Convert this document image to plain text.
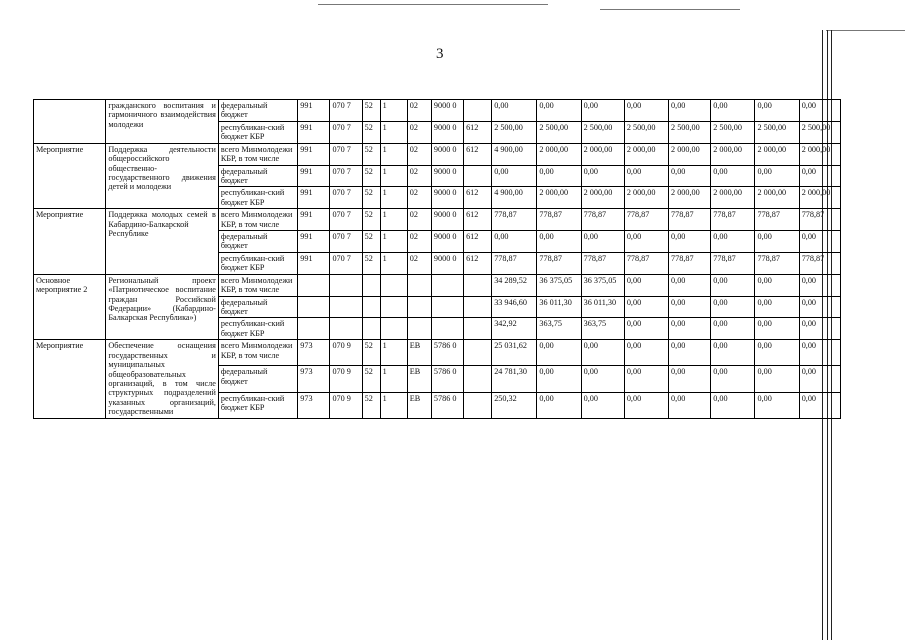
3
	гражданского воспитания и гармоничного взаимодействия молодежи	федеральный бюджет	991	070 7	52	1	02	9000 0		0,00	0,00	0,00	0,00	0,00	0,00	0,00	0,00
		республикан-ский бюджет КБР	991	070 7	52	1	02	9000 0	612	2 500,00	2 500,00	2 500,00	2 500,00	2 500,00	2 500,00	2 500,00	2 500,00
Мероприятие	Поддержка деятельности общероссийского общественно-государственного движения детей и молодежи	всего Минмолодежи КБР, в том числе	991	070 7	52	1	02	9000 0	612	4 900,00	2 000,00	2 000,00	2 000,00	2 000,00	2 000,00	2 000,00	2 000,00
		федеральный бюджет	991	070 7	52	1	02	9000 0		0,00	0,00	0,00	0,00	0,00	0,00	0,00	0,00
		республикан-ский бюджет КБР	991	070 7	52	1	02	9000 0	612	4 900,00	2 000,00	2 000,00	2 000,00	2 000,00	2 000,00	2 000,00	2 000,00
Мероприятие	Поддержка молодых семей в Кабардино-Балкарской Республике	всего Минмолодежи КБР, в том числе	991	070 7	52	1	02	9000 0	612	778,87	778,87	778,87	778,87	778,87	778,87	778,87	778,87
		федеральный бюджет	991	070 7	52	1	02	9000 0	612	0,00	0,00	0,00	0,00	0,00	0,00	0,00	0,00
		республикан-ский бюджет КБР	991	070 7	52	1	02	9000 0	612	778,87	778,87	778,87	778,87	778,87	778,87	778,87	778,87
Основное мероприятие 2	Региональный проект «Патриотическое воспитание граждан Российской Федерации» (Кабардино-Балкарская Республика»)	всего Минмолодежи КБР, в том числе								34 289,52	36 375,05	36 375,05	0,00	0,00	0,00	0,00	0,00
		федеральный бюджет								33 946,60	36 011,30	36 011,30	0,00	0,00	0,00	0,00	0,00
		республикан-ский бюджет КБР								342,92	363,75	363,75	0,00	0,00	0,00	0,00	0,00
Мероприятие	Обеспечение оснащения государственных и муниципальных общеобразовательных организаций, в том числе структурных подразделений указанных организаций, государственными	всего Минмолодежи КБР, в том числе	973	070 9	52	1	ЕВ	5786 0		25 031,62	0,00	0,00	0,00	0,00	0,00	0,00	0,00
		федеральный бюджет	973	070 9	52	1	ЕВ	5786 0		24 781,30	0,00	0,00	0,00	0,00	0,00	0,00	0,00
		республикан-ский бюджет КБР	973	070 9	52	1	ЕВ	5786 0		250,32	0,00	0,00	0,00	0,00	0,00	0,00	0,00
